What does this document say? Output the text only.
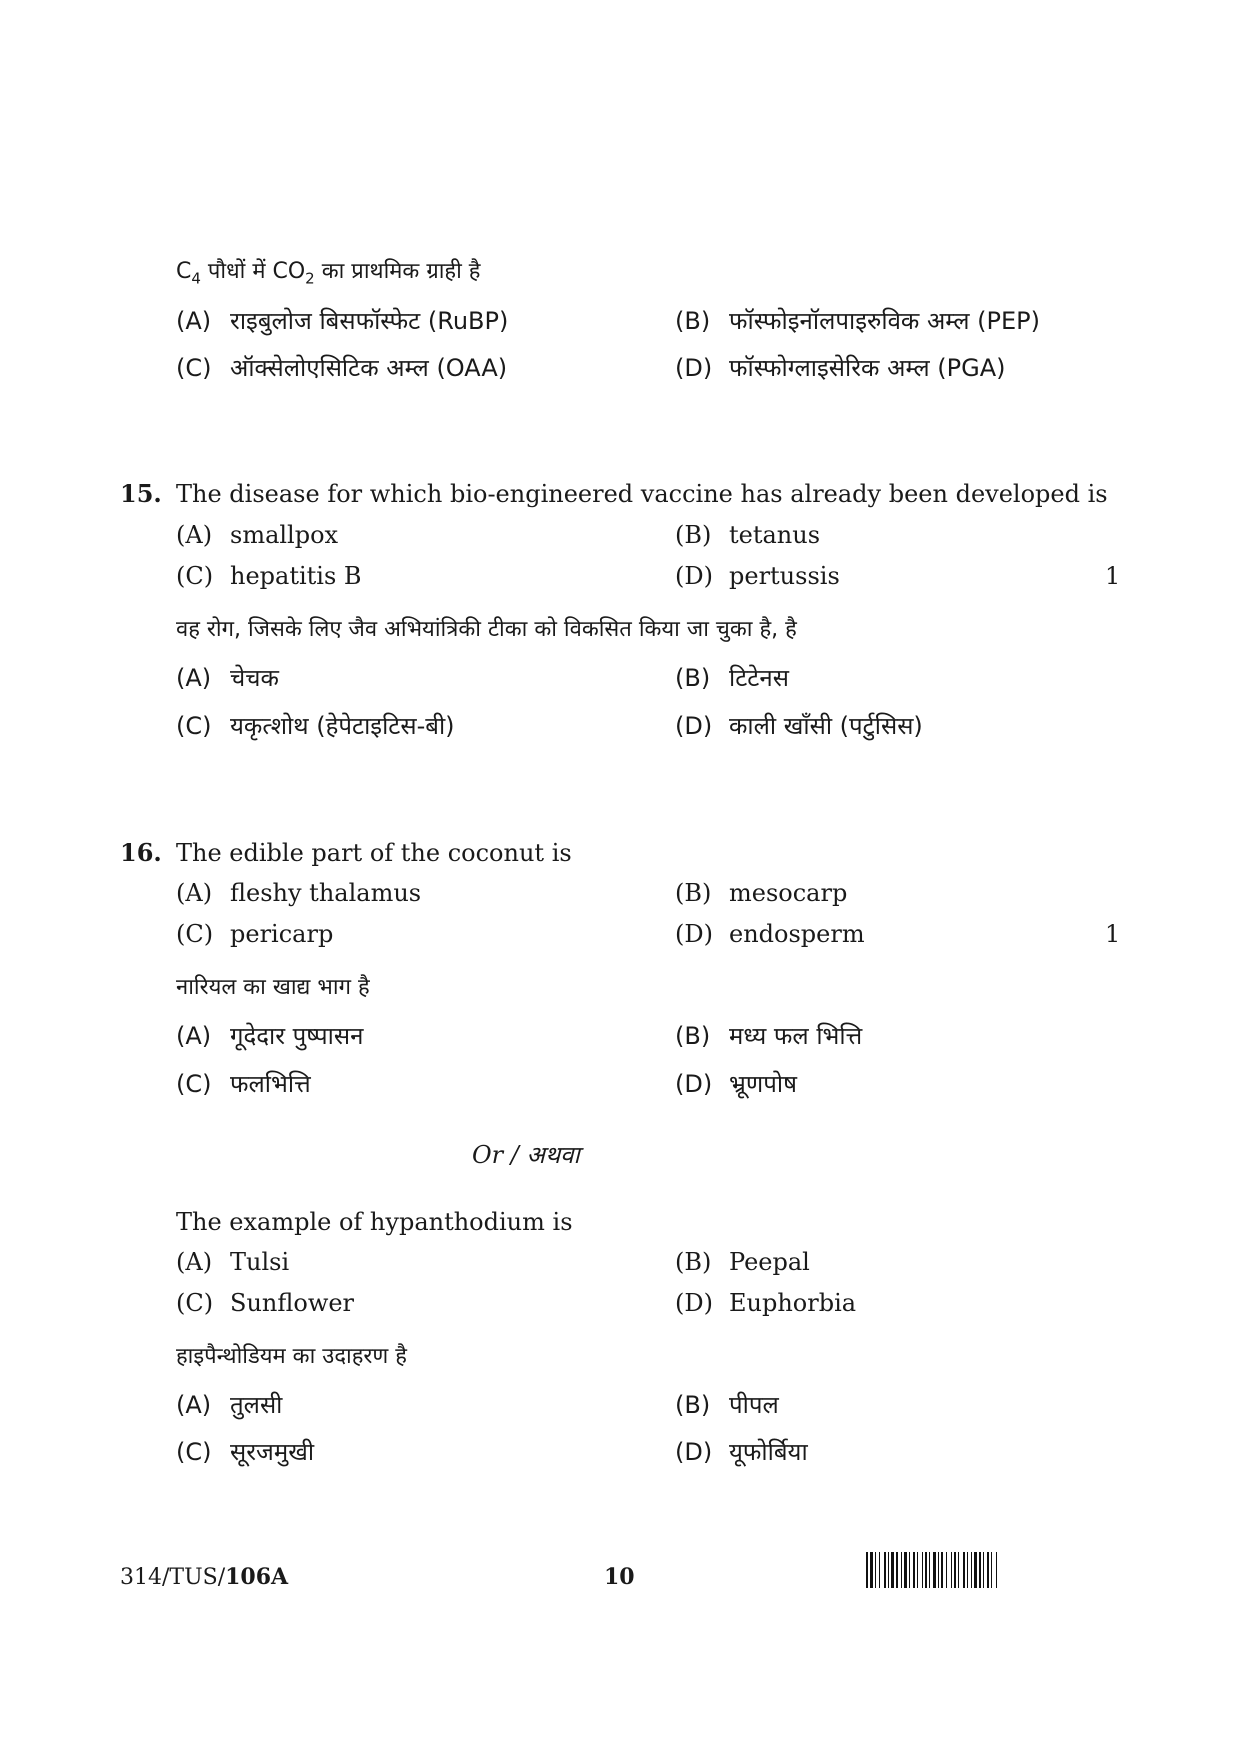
$C_4$ पौधों में $CO_2$ का प्राथमिक ग्राही है
(A) राइबुलोज बिसफॉस्फेट (RuBP)	(B) फॉस्फोइनॉलपाइरुविक अम्ल (PEP)
(C) ऑक्सेलोएसिटिक अम्ल (OAA)	(D) फॉस्फोग्लाइसेरिक अम्ल (PGA)
15. The disease for which bio-engineered vaccine has already been developed is
(A) smallpox	(B) tetanus
(C) hepatitis B	(D) pertussis	1
वह रोग, जिसके लिए जैव अभियांत्रिकी टीका को विकसित किया जा चुका है, है
(A) चेचक	(B) टिटेनस
(C) यकृत्शोथ (हेपेटाइटिस-बी)	(D) काली खाँसी (पर्टुसिस)
16. The edible part of the coconut is
(A) fleshy thalamus	(B) mesocarp
(C) pericarp	(D) endosperm	1
नारियल का खाद्य भाग है
(A) गूदेदार पुष्पासन	(B) मध्य फल भित्ति
(C) फलभित्ति	(D) भ्रूणपोष
Or / अथवा
The example of hypanthodium is
(A) Tulsi	(B) Peepal
(C) Sunflower	(D) Euphorbia
हाइपैन्थोडियम का उदाहरण है
(A) तुलसी	(B) पीपल
(C) सूरजमुखी	(D) यूफोर्बिया
314/TUS/106A	10
